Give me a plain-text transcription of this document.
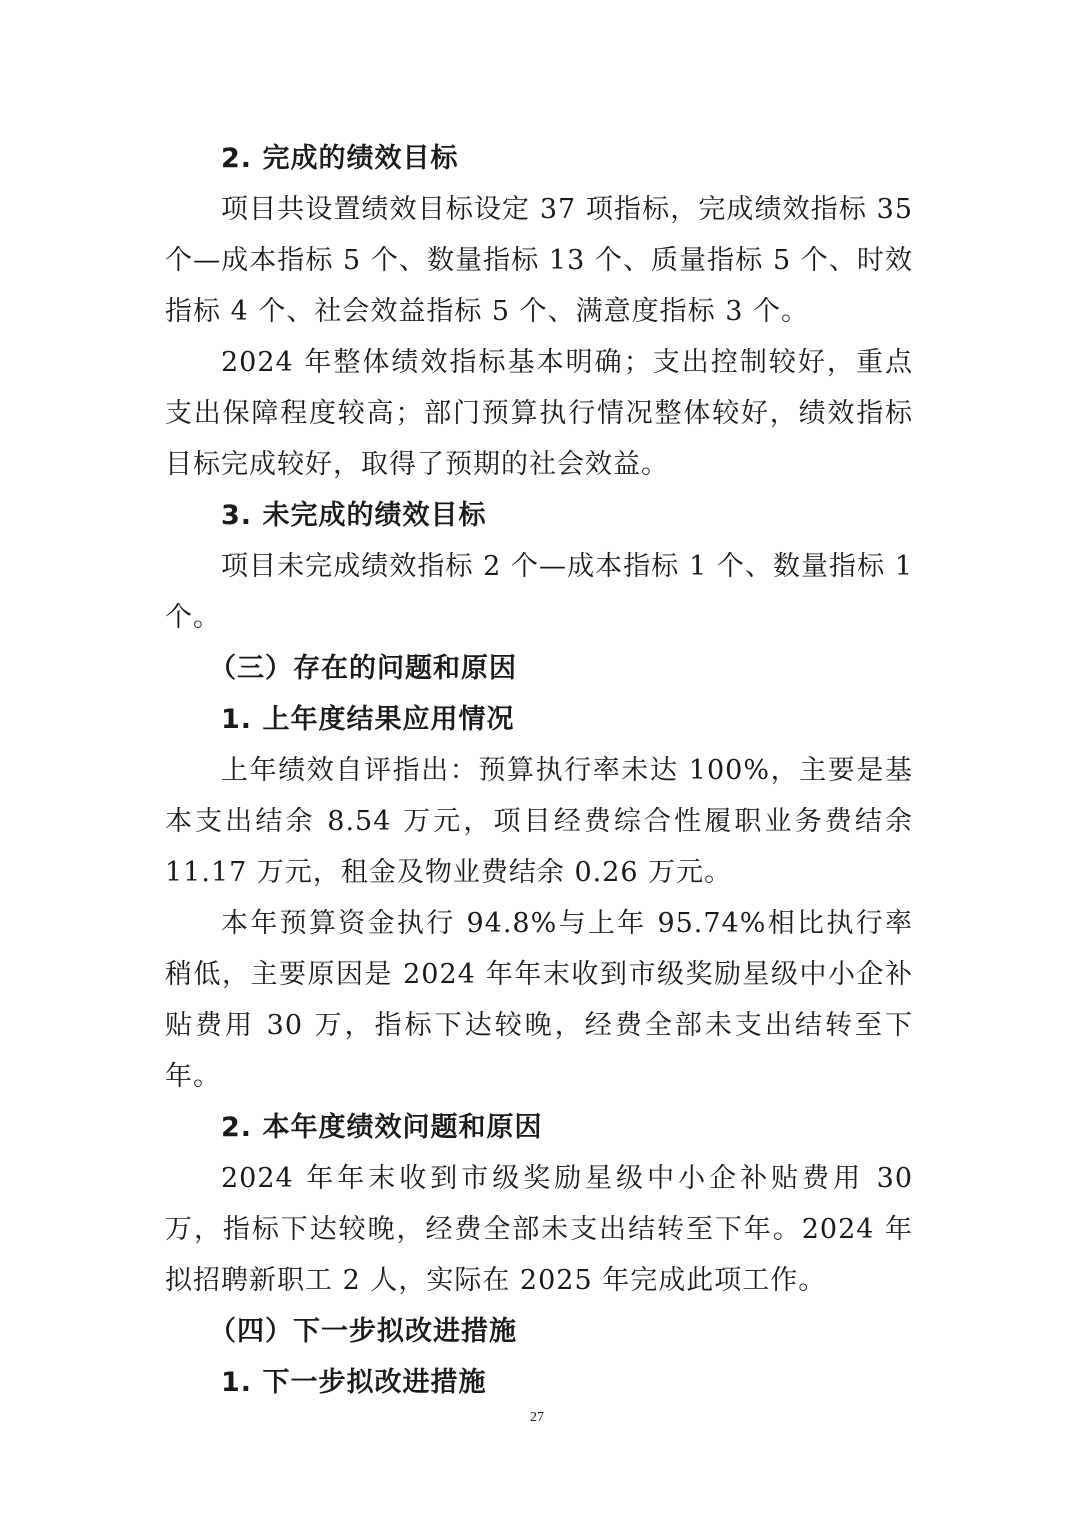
2. 完成的绩效目标

项目共设置绩效目标设定 37 项指标，完成绩效指标 35 个—成本指标 5 个、数量指标 13 个、质量指标 5 个、时效指标 4 个、社会效益指标 5 个、满意度指标 3 个。

2024 年整体绩效指标基本明确；支出控制较好，重点支出保障程度较高；部门预算执行情况整体较好，绩效指标目标完成较好，取得了预期的社会效益。

3. 未完成的绩效目标

项目未完成绩效指标 2 个—成本指标 1 个、数量指标 1 个。

（三）存在的问题和原因

1. 上年度结果应用情况

上年绩效自评指出：预算执行率未达 100%，主要是基本支出结余 8.54 万元，项目经费综合性履职业务费结余 11.17 万元，租金及物业费结余 0.26 万元。

本年预算资金执行 94.8%与上年 95.74%相比执行率稍低，主要原因是 2024 年年末收到市级奖励星级中小企补贴费用 30 万，指标下达较晚，经费全部未支出结转至下年。

2. 本年度绩效问题和原因

2024 年年末收到市级奖励星级中小企补贴费用 30 万，指标下达较晚，经费全部未支出结转至下年。2024 年拟招聘新职工 2 人，实际在 2025 年完成此项工作。

（四）下一步拟改进措施

1. 下一步拟改进措施

27
